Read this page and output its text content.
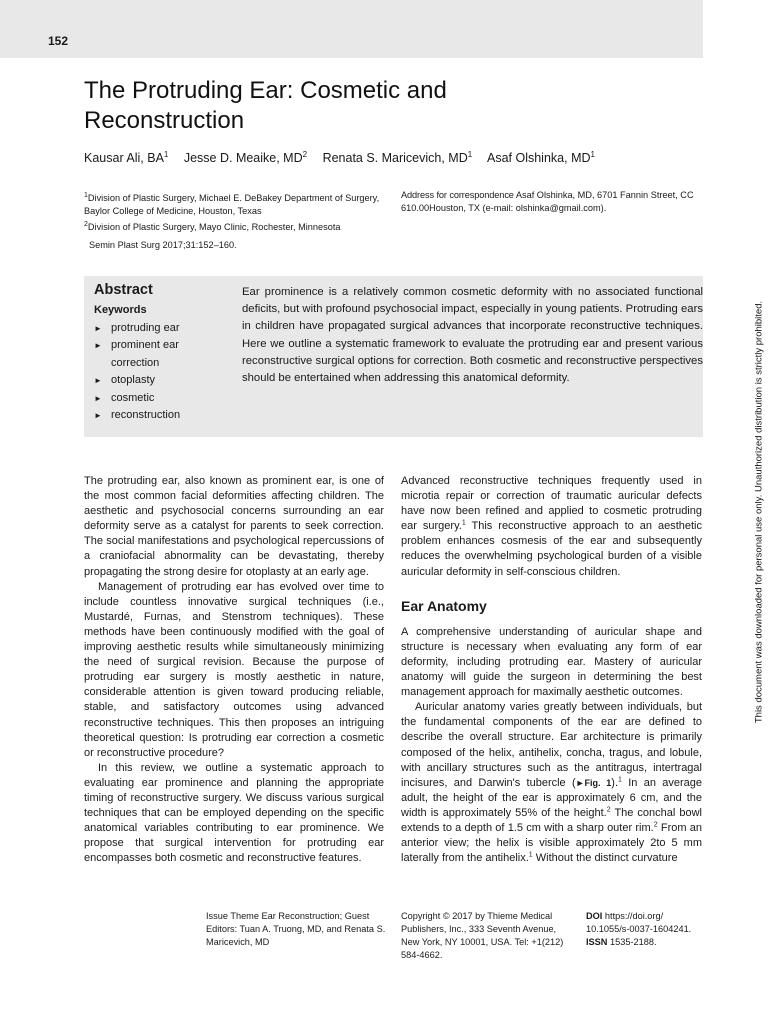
152
The Protruding Ear: Cosmetic and Reconstruction
Kausar Ali, $BA^1$ Jesse D. Meaike, $MD^2$ Renata S. Maricevich, $MD^1$ Asaf Olshinka, $MD^1$
$^1$Division of Plastic Surgery, Michael E. DeBakey Department of Surgery, Baylor College of Medicine, Houston, Texas
$^2$Division of Plastic Surgery, Mayo Clinic, Rochester, Minnesota
Address for correspondence Asaf Olshinka, MD, 6701 Fannin Street, CC 610.00Houston, TX (e-mail: olshinka@gmail.com).
Semin Plast Surg 2017;31:152–160.
Abstract
Keywords
► protruding ear
► prominent ear correction
► otoplasty
► cosmetic
► reconstruction

Ear prominence is a relatively common cosmetic deformity with no associated functional deficits, but with profound psychosocial impact, especially in young patients. Protruding ears in children have propagated surgical advances that incorporate reconstructive techniques. Here we outline a systematic framework to evaluate the protruding ear and present various reconstructive surgical options for correction. Both cosmetic and reconstructive perspectives should be entertained when addressing this anatomical deformity.

The protruding ear, also known as prominent ear, is one of the most common facial deformities affecting children. The aesthetic and psychosocial concerns surrounding an ear deformity serve as a catalyst for parents to seek correction. The social manifestations and psychological repercussions of a craniofacial abnormality can be devastating, thereby propagating the strong desire for otoplasty at an early age.

Management of protruding ear has evolved over time to include countless innovative surgical techniques (i.e., Mustardé, Furnas, and Stenstrom techniques). These methods have been continuously modified with the goal of improving aesthetic results while simultaneously minimizing the need of surgical revision. Because the purpose of protruding ear surgery is mostly aesthetic in nature, considerable attention is given toward producing reliable, stable, and satisfactory outcomes using advanced reconstructive techniques. This then proposes an intriguing theoretical question: Is protruding ear correction a cosmetic or reconstructive procedure?

In this review, we outline a systematic approach to evaluating ear prominence and planning the appropriate timing of reconstructive surgery. We discuss various surgical techniques that can be employed depending on the specific anatomical variables contributing to ear prominence. We propose that surgical intervention for protruding ear encompasses both cosmetic and reconstructive features.

Advanced reconstructive techniques frequently used in microtia repair or correction of traumatic auricular defects have now been refined and applied to cosmetic protruding ear surgery.$^1$ This reconstructive approach to an aesthetic problem enhances cosmesis of the ear and subsequently reduces the overwhelming psychological burden of a visible auricular deformity in self-conscious children.

Ear Anatomy

A comprehensive understanding of auricular shape and structure is necessary when evaluating any form of ear deformity, including protruding ear. Mastery of auricular anatomy will guide the surgeon in determining the best management approach for maximally aesthetic outcomes.

Auricular anatomy varies greatly between individuals, but the fundamental components of the ear are defined to describe the overall structure. Ear architecture is primarily composed of the helix, antihelix, concha, tragus, and lobule, with ancillary structures such as the antitragus, intertragal incisures, and Darwin's tubercle (►Fig. 1).$^1$ In an average adult, the height of the ear is approximately 6 cm, and the width is approximately 55% of the height.$^2$ The conchal bowl extends to a depth of 1.5 cm with a sharp outer rim.$^2$ From an anterior view; the helix is visible approximately 2to 5 mm laterally from the antihelix.$^1$ Without the distinct curvature

Issue Theme Ear Reconstruction; Guest Editors: Tuan A. Truong, MD, and Renata S. Maricevich, MD
Copyright © 2017 by Thieme Medical Publishers, Inc., 333 Seventh Avenue, New York, NY 10001, USA. Tel: +1(212) 584-4662.
DOI https://doi.org/ 10.1055/s-0037-1604241.
ISSN 1535-2188.
This document was downloaded for personal use only. Unauthorized distribution is strictly prohibited.
